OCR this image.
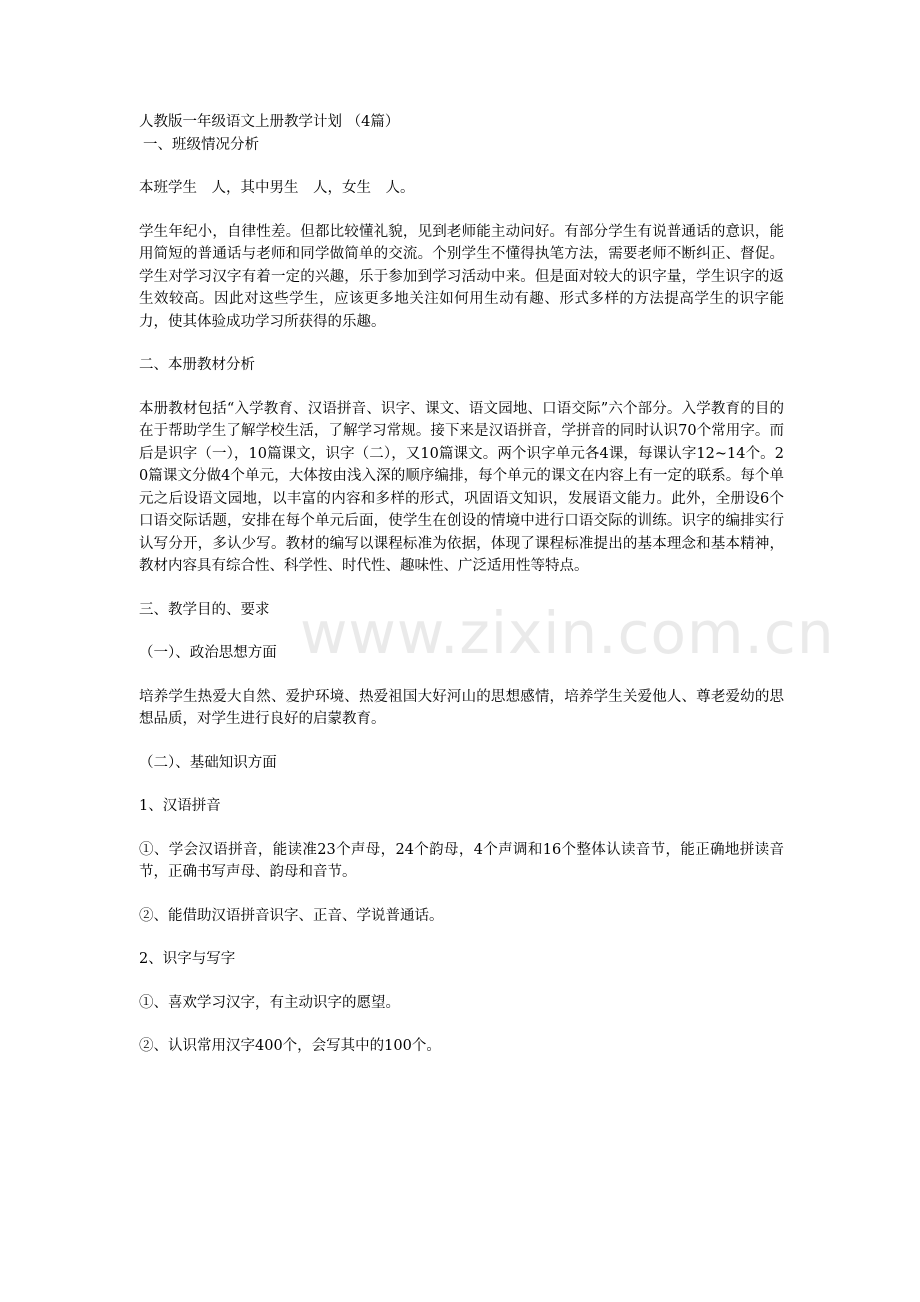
人教版一年级语文上册教学计划 （4篇）

一、班级情况分析

本班学生　人，其中男生　人，女生　人。

学生年纪小，自律性差。但都比较懂礼貌，见到老师能主动问好。有部分学生有说普通话的意识，能用简短的普通话与老师和同学做简单的交流。个别学生不懂得执笔方法，需要老师不断纠正、督促。学生对学习汉字有着一定的兴趣，乐于参加到学习活动中来。但是面对较大的识字量，学生识字的返生效较高。因此对这些学生，应该更多地关注如何用生动有趣、形式多样的方法提高学生的识字能力，使其体验成功学习所获得的乐趣。

二、本册教材分析

本册教材包括“入学教育、汉语拼音、识字、课文、语文园地、口语交际”六个部分。入学教育的目的在于帮助学生了解学校生活，了解学习常规。接下来是汉语拼音，学拼音的同时认识70个常用字。而后是识字（一），10篇课文，识字（二），又10篇课文。两个识字单元各4课，每课认字12~14个。20篇课文分做4个单元，大体按由浅入深的顺序编排，每个单元的课文在内容上有一定的联系。每个单元之后设语文园地，以丰富的内容和多样的形式，巩固语文知识，发展语文能力。此外，全册设6个口语交际话题，安排在每个单元后面，使学生在创设的情境中进行口语交际的训练。识字的编排实行认写分开，多认少写。教材的编写以课程标准为依据，体现了课程标准提出的基本理念和基本精神，教材内容具有综合性、科学性、时代性、趣味性、广泛适用性等特点。

三、教学目的、要求

（一）、政治思想方面

培养学生热爱大自然、爱护环境、热爱祖国大好河山的思想感情，培养学生关爱他人、尊老爱幼的思想品质，对学生进行良好的启蒙教育。

（二）、基础知识方面

1、汉语拼音

①、学会汉语拼音，能读准23个声母，24个韵母，4个声调和16个整体认读音节，能正确地拼读音节，正确书写声母、韵母和音节。

②、能借助汉语拼音识字、正音、学说普通话。

2、识字与写字

①、喜欢学习汉字，有主动识字的愿望。

②、认识常用汉字400个，会写其中的100个。

www.zixin.com.cn
